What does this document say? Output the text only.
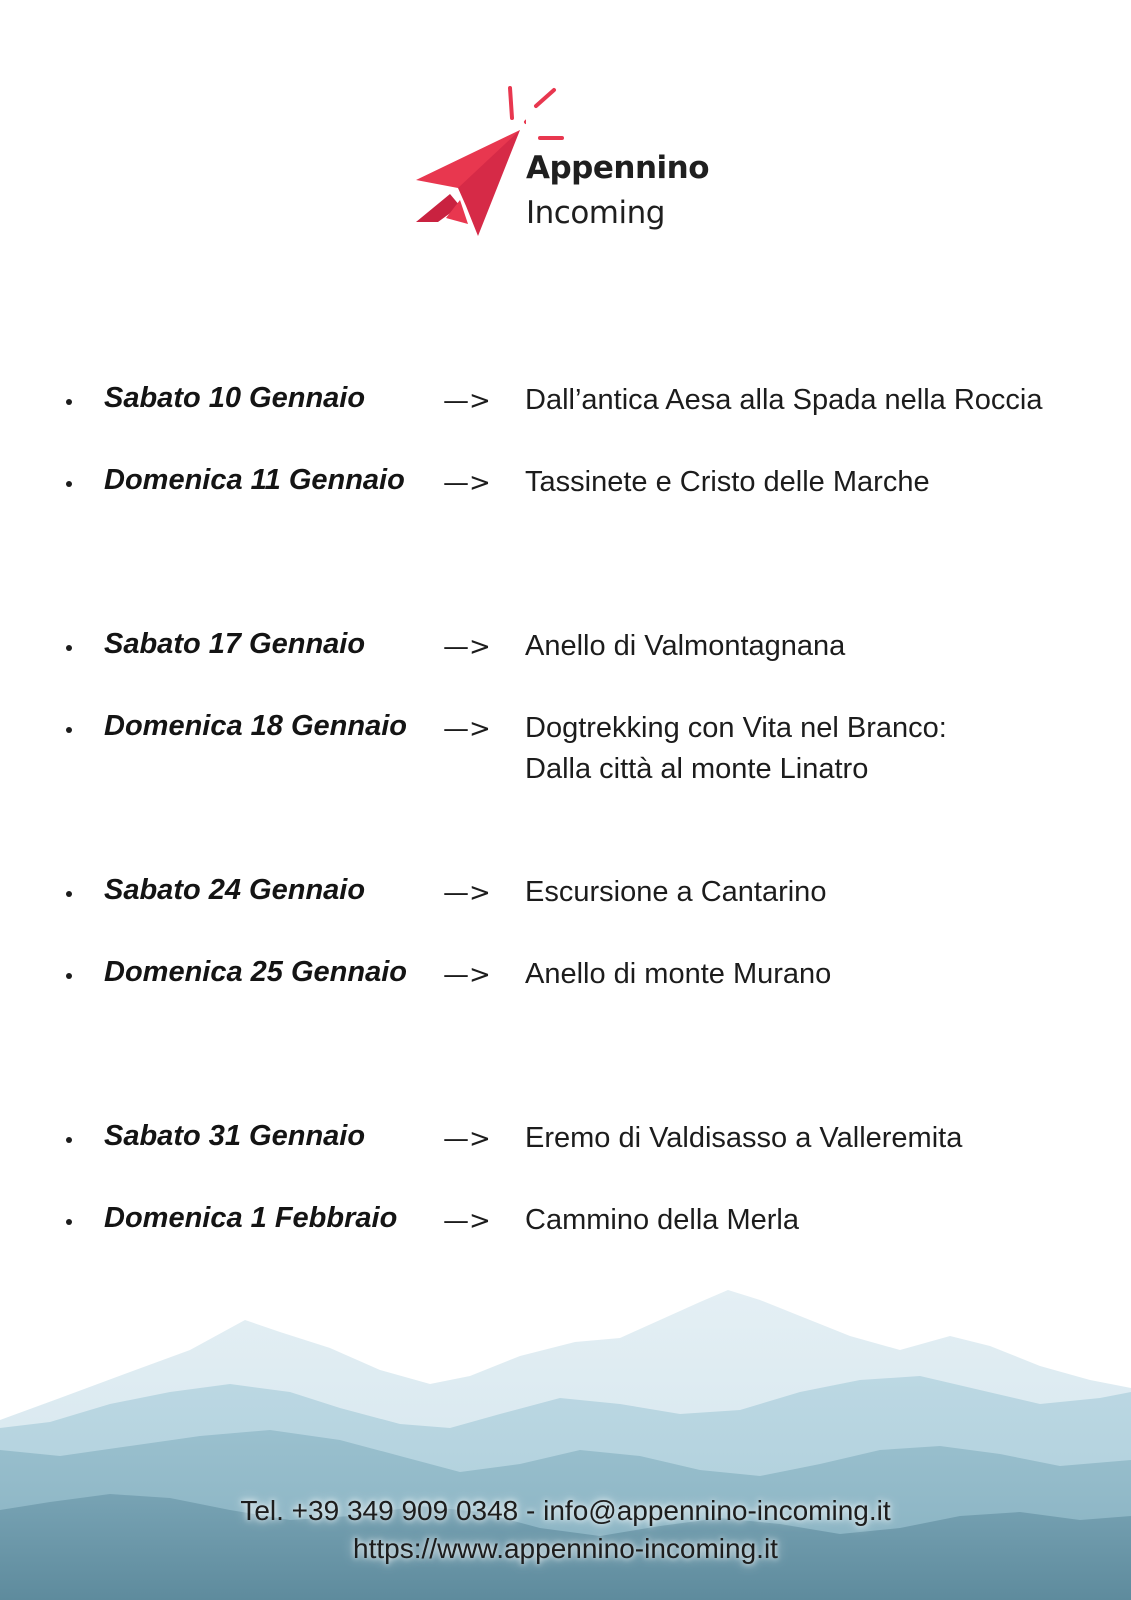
Appennino
Incoming
Sabato 10 Gennaio	—> Dall’antica Aesa alla Spada nella Roccia
Domenica 11 Gennaio —> Tassinete e Cristo delle Marche
Sabato 17 Gennaio	—> Anello di Valmontagnana
Domenica 18 Gennaio —> Dogtrekking con Vita nel Branco:
Dalla città al monte Linatro
Sabato 24 Gennaio	—> Escursione a Cantarino
Domenica 25 Gennaio —> Anello di monte Murano
Sabato 31 Gennaio	—> Eremo di Valdisasso a Valleremita
Domenica 1 Febbraio —> Cammino della Merla
Tel. +39 349 909 0348 - info@appennino-incoming.it
https://www.appennino-incoming.it
